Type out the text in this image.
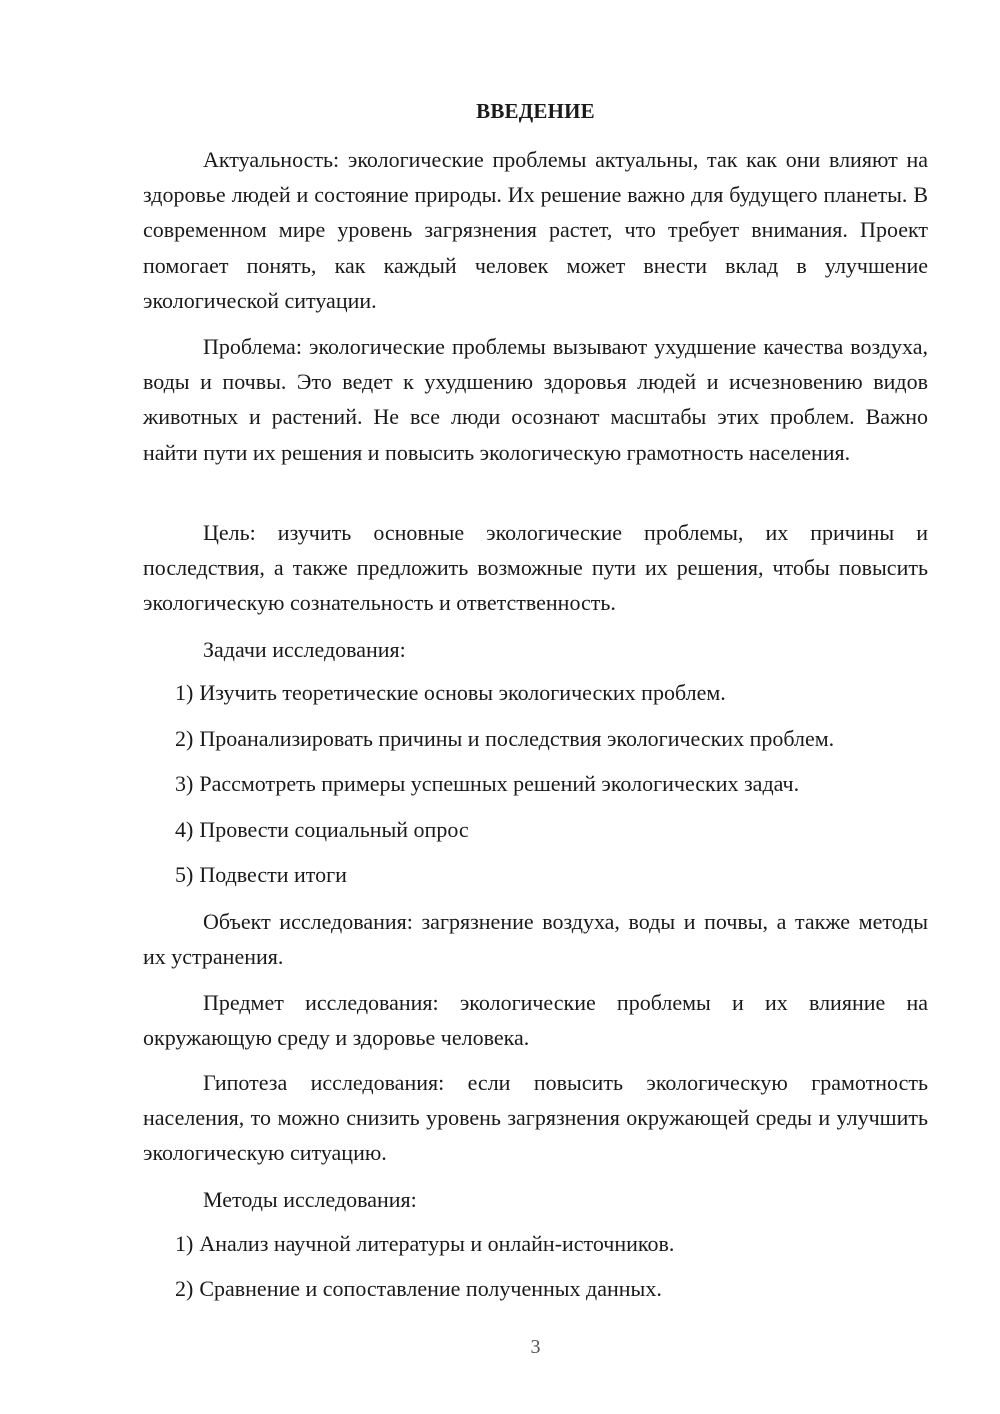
ВВЕДЕНИЕ

Актуальность: экологические проблемы актуальны, так как они влияют на здоровье людей и состояние природы. Их решение важно для будущего планеты. В современном мире уровень загрязнения растет, что требует внимания. Проект помогает понять, как каждый человек может внести вклад в улучшение экологической ситуации.

Проблема: экологические проблемы вызывают ухудшение качества воздуха, воды и почвы. Это ведет к ухудшению здоровья людей и исчезновению видов животных и растений. Не все люди осознают масштабы этих проблем. Важно найти пути их решения и повысить экологическую грамотность населения.

Цель: изучить основные экологические проблемы, их причины и последствия, а также предложить возможные пути их решения, чтобы повысить экологическую сознательность и ответственность.

Задачи исследования:

1) Изучить теоретические основы экологических проблем.

2) Проанализировать причины и последствия экологических проблем.

3) Рассмотреть примеры успешных решений экологических задач.

4) Провести социальный опрос

5) Подвести итоги

Объект исследования: загрязнение воздуха, воды и почвы, а также методы их устранения.

Предмет исследования: экологические проблемы и их влияние на окружающую среду и здоровье человека.

Гипотеза исследования: если повысить экологическую грамотность населения, то можно снизить уровень загрязнения окружающей среды и улучшить экологическую ситуацию.

Методы исследования:

1) Анализ научной литературы и онлайн-источников.

2) Сравнение и сопоставление полученных данных.

3
